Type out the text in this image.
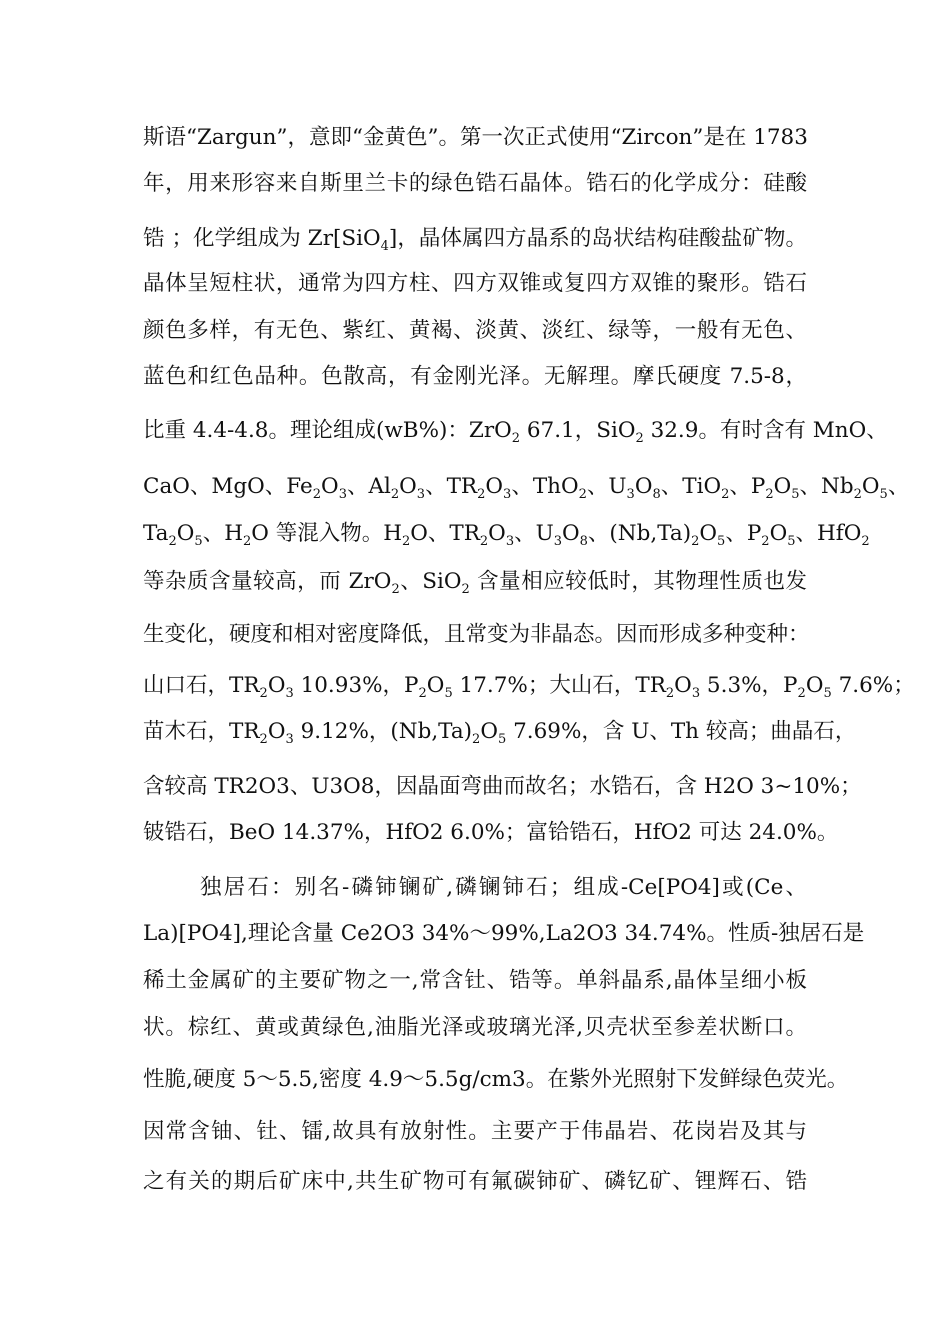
斯语“Zargun”，意即“金黄色”。第一次正式使用“Zircon”是在 1783
年，用来形容来自斯里兰卡的绿色锆石晶体。锆石的化学成分：硅酸
锆 ；化学组成为 Zr[SiO$_4$]，晶体属四方晶系的岛状结构硅酸盐矿物。
晶体呈短柱状，通常为四方柱、四方双锥或复四方双锥的聚形。锆石
颜色多样，有无色、紫红、黄褐、淡黄、淡红、绿等，一般有无色、
蓝色和红色品种。色散高，有金刚光泽。无解理。摩氏硬度 7.5-8，
比重 4.4-4.8。理论组成(wB%)：ZrO$_2$ 67.1，SiO$_2$ 32.9。有时含有 MnO、
CaO、MgO、$Fe_2O_3$、$Al_2O_3$、$TR_2O_3$、ThO$_2$、$U_3O_8$、TiO$_2$、$P_2O_5$、$Nb_2O_5$、
$Ta_2O_5$、$H_2O$ 等混入物。$H_2O$、$TR_2O_3$、$U_3O_8$、$(Nb,Ta)_2O_5$、$P_2O_5$、HfO$_2$
等杂质含量较高，而 ZrO$_2$、SiO$_2$ 含量相应较低时，其物理性质也发
生变化，硬度和相对密度降低，且常变为非晶态。因而形成多种变种：
山口石，$TR_2O_3$ 10.93%，$P_2O_5$ 17.7%；大山石，$TR_2O_3$ 5.3%，$P_2O_5$ 7.6%；
苗木石，$TR_2O_3$ 9.12%，$(Nb,Ta)_2O_5$ 7.69%，含 U、Th 较高；曲晶石，
含较高 TR2O3、U3O8，因晶面弯曲而故名；水锆石，含 H2O 3~10%；
铍锆石，BeO 14.37%，HfO2 6.0%；富铪锆石，HfO2 可达 24.0%。
独居石：别名-磷铈镧矿,磷镧铈石；组成-Ce[PO4]或(Ce、
La)[PO4],理论含量 Ce2O3 34%～99%,La2O3 34.74%。性质-独居石是
稀土金属矿的主要矿物之一,常含钍、锆等。单斜晶系,晶体呈细小板
状。棕红、黄或黄绿色,油脂光泽或玻璃光泽,贝壳状至参差状断口。
性脆,硬度 5～5.5,密度 4.9～5.5g/cm3。在紫外光照射下发鲜绿色荧光。
因常含铀、钍、镭,故具有放射性。主要产于伟晶岩、花岗岩及其与
之有关的期后矿床中,共生矿物可有氟碳铈矿、磷钇矿、锂辉石、锆
